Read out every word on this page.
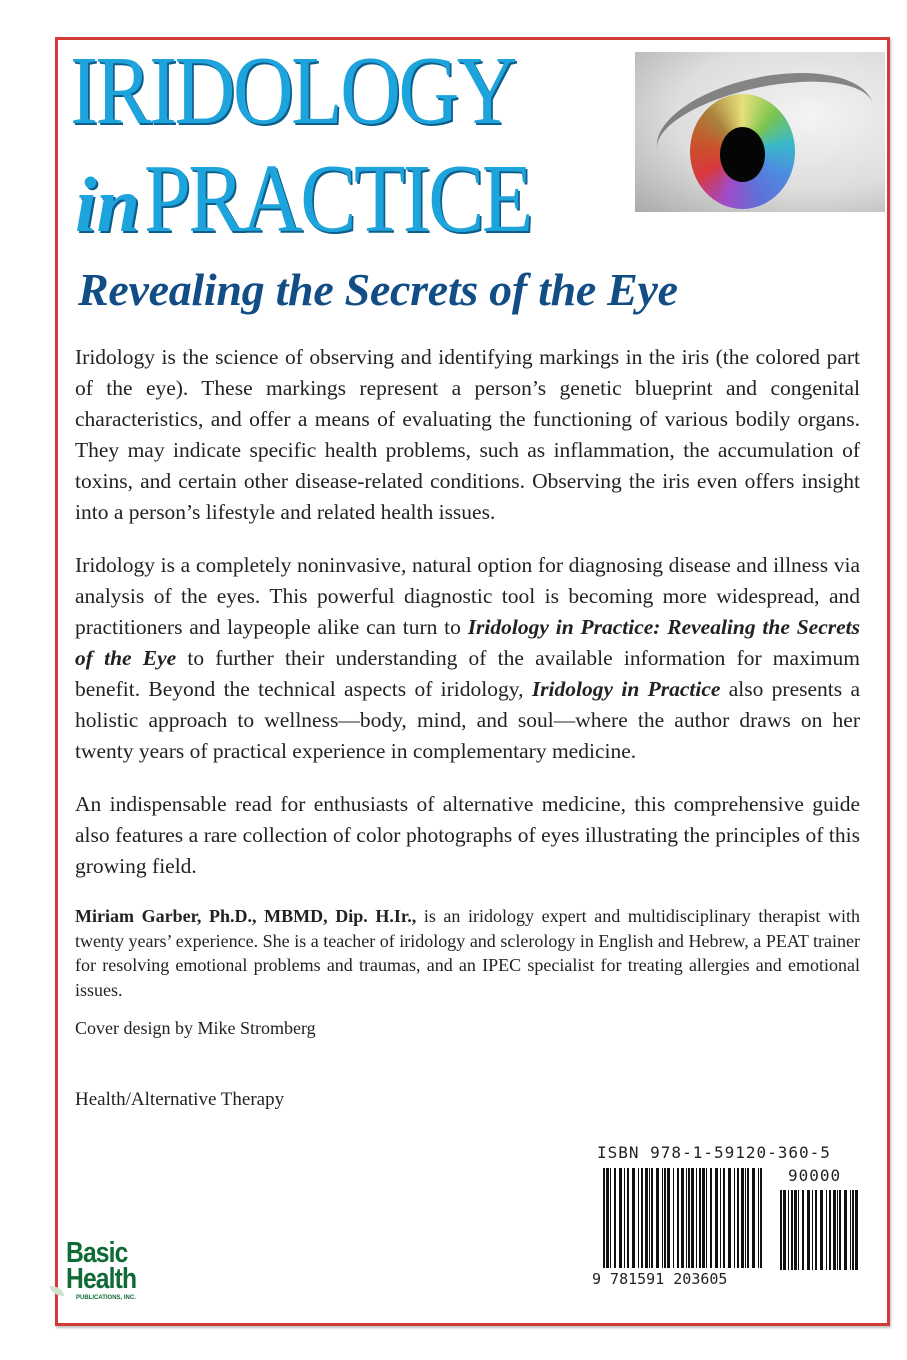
IRIDOLOGY
in PRACTICE
Revealing the Secrets of the Eye

Iridology is the science of observing and identifying markings in the iris (the colored part of the eye). These markings represent a person’s genetic blueprint and congenital characteristics, and offer a means of evaluating the functioning of various bodily organs. They may indicate specific health problems, such as inflammation, the accumulation of toxins, and certain other disease-related conditions. Observing the iris even offers insight into a person’s lifestyle and related health issues.

Iridology is a completely noninvasive, natural option for diagnosing disease and illness via analysis of the eyes. This powerful diagnostic tool is becoming more widespread, and practitioners and laypeople alike can turn to Iridology in Practice: Revealing the Secrets of the Eye to further their understanding of the available information for maximum benefit. Beyond the technical aspects of iridology, Iridology in Practice also presents a holistic approach to wellness—body, mind, and soul—where the author draws on her twenty years of practical experience in complementary medicine.

An indispensable read for enthusiasts of alternative medicine, this comprehensive guide also features a rare collection of color photographs of eyes illustrating the principles of this growing field.

Miriam Garber, Ph.D., MBMD, Dip. H.Ir., is an iridology expert and multidisciplinary therapist with twenty years’ experience. She is a teacher of iridology and sclerology in English and Hebrew, a PEAT trainer for resolving emotional problems and traumas, and an IPEC specialist for treating allergies and emotional issues.

Cover design by Mike Stromberg
Health/Alternative Therapy
Basic
Health
PUBLICATIONS, INC.
ISBN 978-1-59120-360-5
90000
9 781591 203605
